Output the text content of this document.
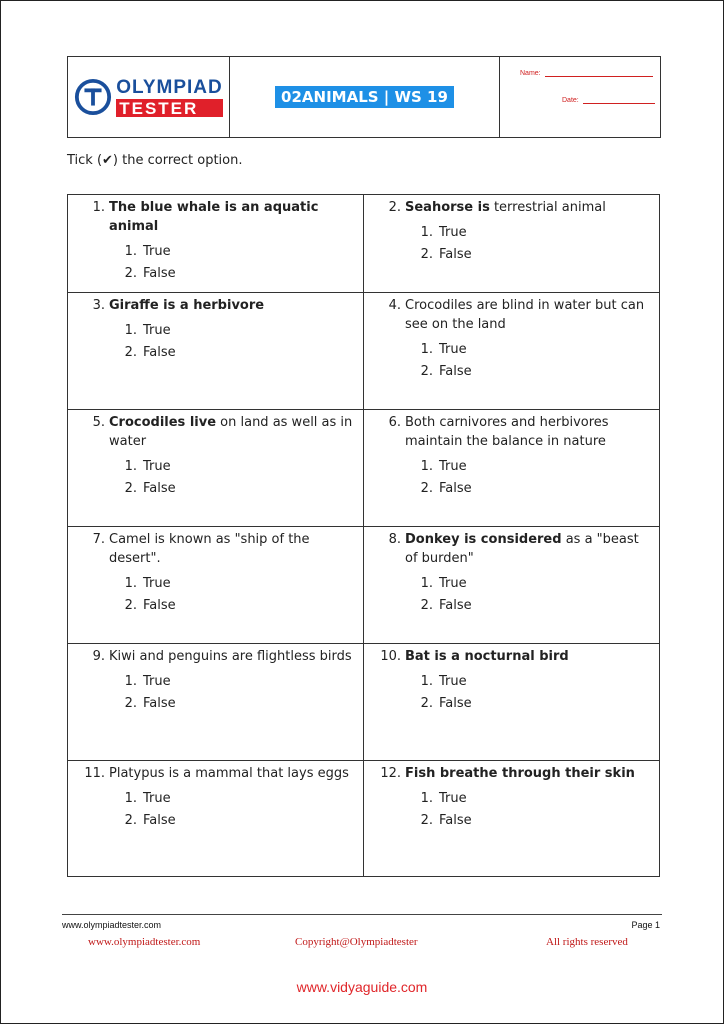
OLYMPIAD
TESTER
02ANIMALS | WS 19
Name:
Date:
Tick (✔) the correct option.
1. The blue whale is an aquatic animal
1. True
2. False
2. Seahorse is terrestrial animal
1. True
2. False
3. Giraffe is a herbivore
1. True
2. False
4. Crocodiles are blind in water but can see on the land
1. True
2. False
5. Crocodiles live on land as well as in water
1. True
2. False
6. Both carnivores and herbivores maintain the balance in nature
1. True
2. False
7. Camel is known as "ship of the desert".
1. True
2. False
8. Donkey is considered as a "beast of burden"
1. True
2. False
9. Kiwi and penguins are flightless birds
1. True
2. False
10. Bat is a nocturnal bird
1. True
2. False
11. Platypus is a mammal that lays eggs
1. True
2. False
12. Fish breathe through their skin
1. True
2. False
www.olympiadtester.com	Page 1
www.olympiadtester.com	Copyright@Olympiadtester	All rights reserved
www.vidyaguide.com
